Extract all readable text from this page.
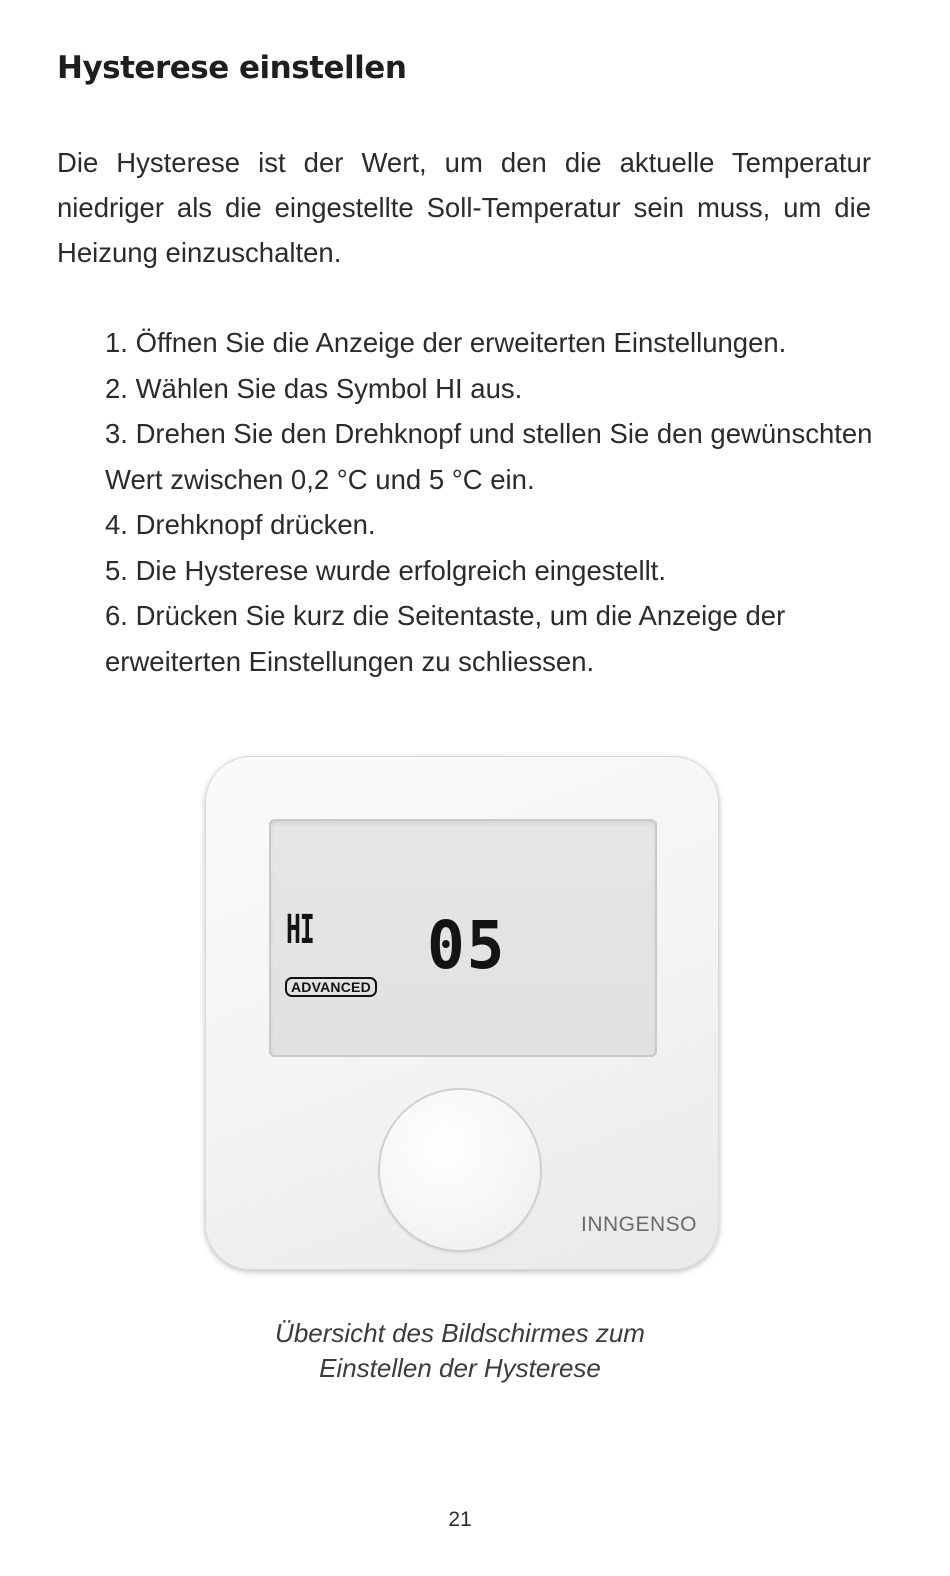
Hysterese einstellen

Die Hysterese ist der Wert, um den die aktuelle Temperatur niedriger als die eingestellte Soll-Temperatur sein muss, um die Heizung einzuschalten.

1. Öffnen Sie die Anzeige der erweiterten Einstellungen.
2. Wählen Sie das Symbol HI aus.
3. Drehen Sie den Drehknopf und stellen Sie den gewünschten Wert zwischen 0,2 °C und 5 °C ein.
4. Drehknopf drücken.
5. Die Hysterese wurde erfolgreich eingestellt.
6. Drücken Sie kurz die Seitentaste, um die Anzeige der erweiterten Einstellungen zu schliessen.
HI 05
ADVANCED
INNGENSO

Übersicht des Bildschirmes zum
Einstellen der Hysterese

21
